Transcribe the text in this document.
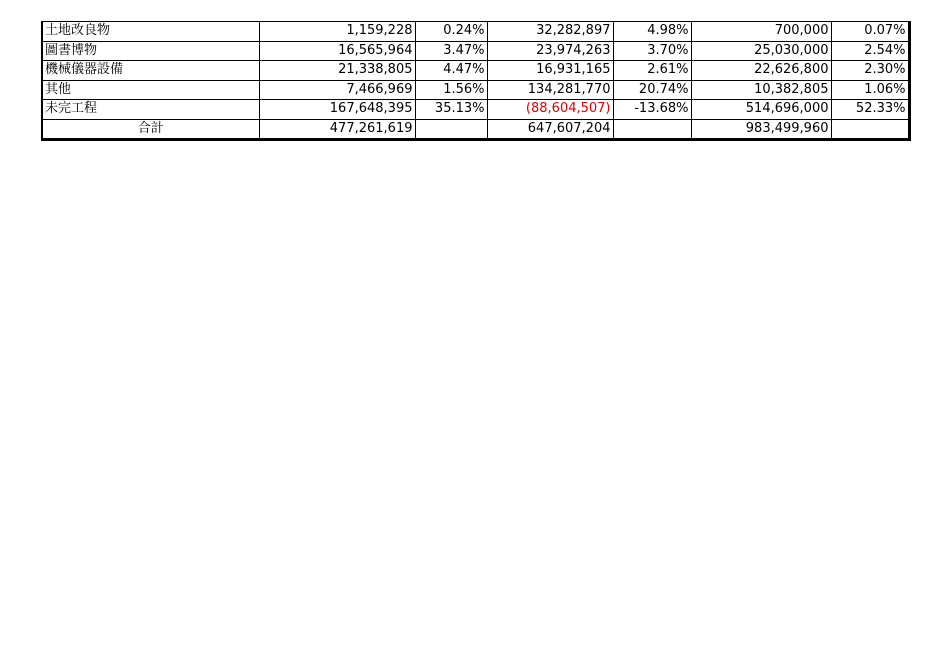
土地改良物	1,159,228	0.24%	32,282,897	4.98%	700,000	0.07%
圖書博物	16,565,964	3.47%	23,974,263	3.70%	25,030,000	2.54%
機械儀器設備	21,338,805	4.47%	16,931,165	2.61%	22,626,800	2.30%
其他	7,466,969	1.56%	134,281,770	20.74%	10,382,805	1.06%
未完工程	167,648,395	35.13%	(88,604,507)	-13.68%	514,696,000	52.33%
合計	477,261,619		647,607,204		983,499,960	
